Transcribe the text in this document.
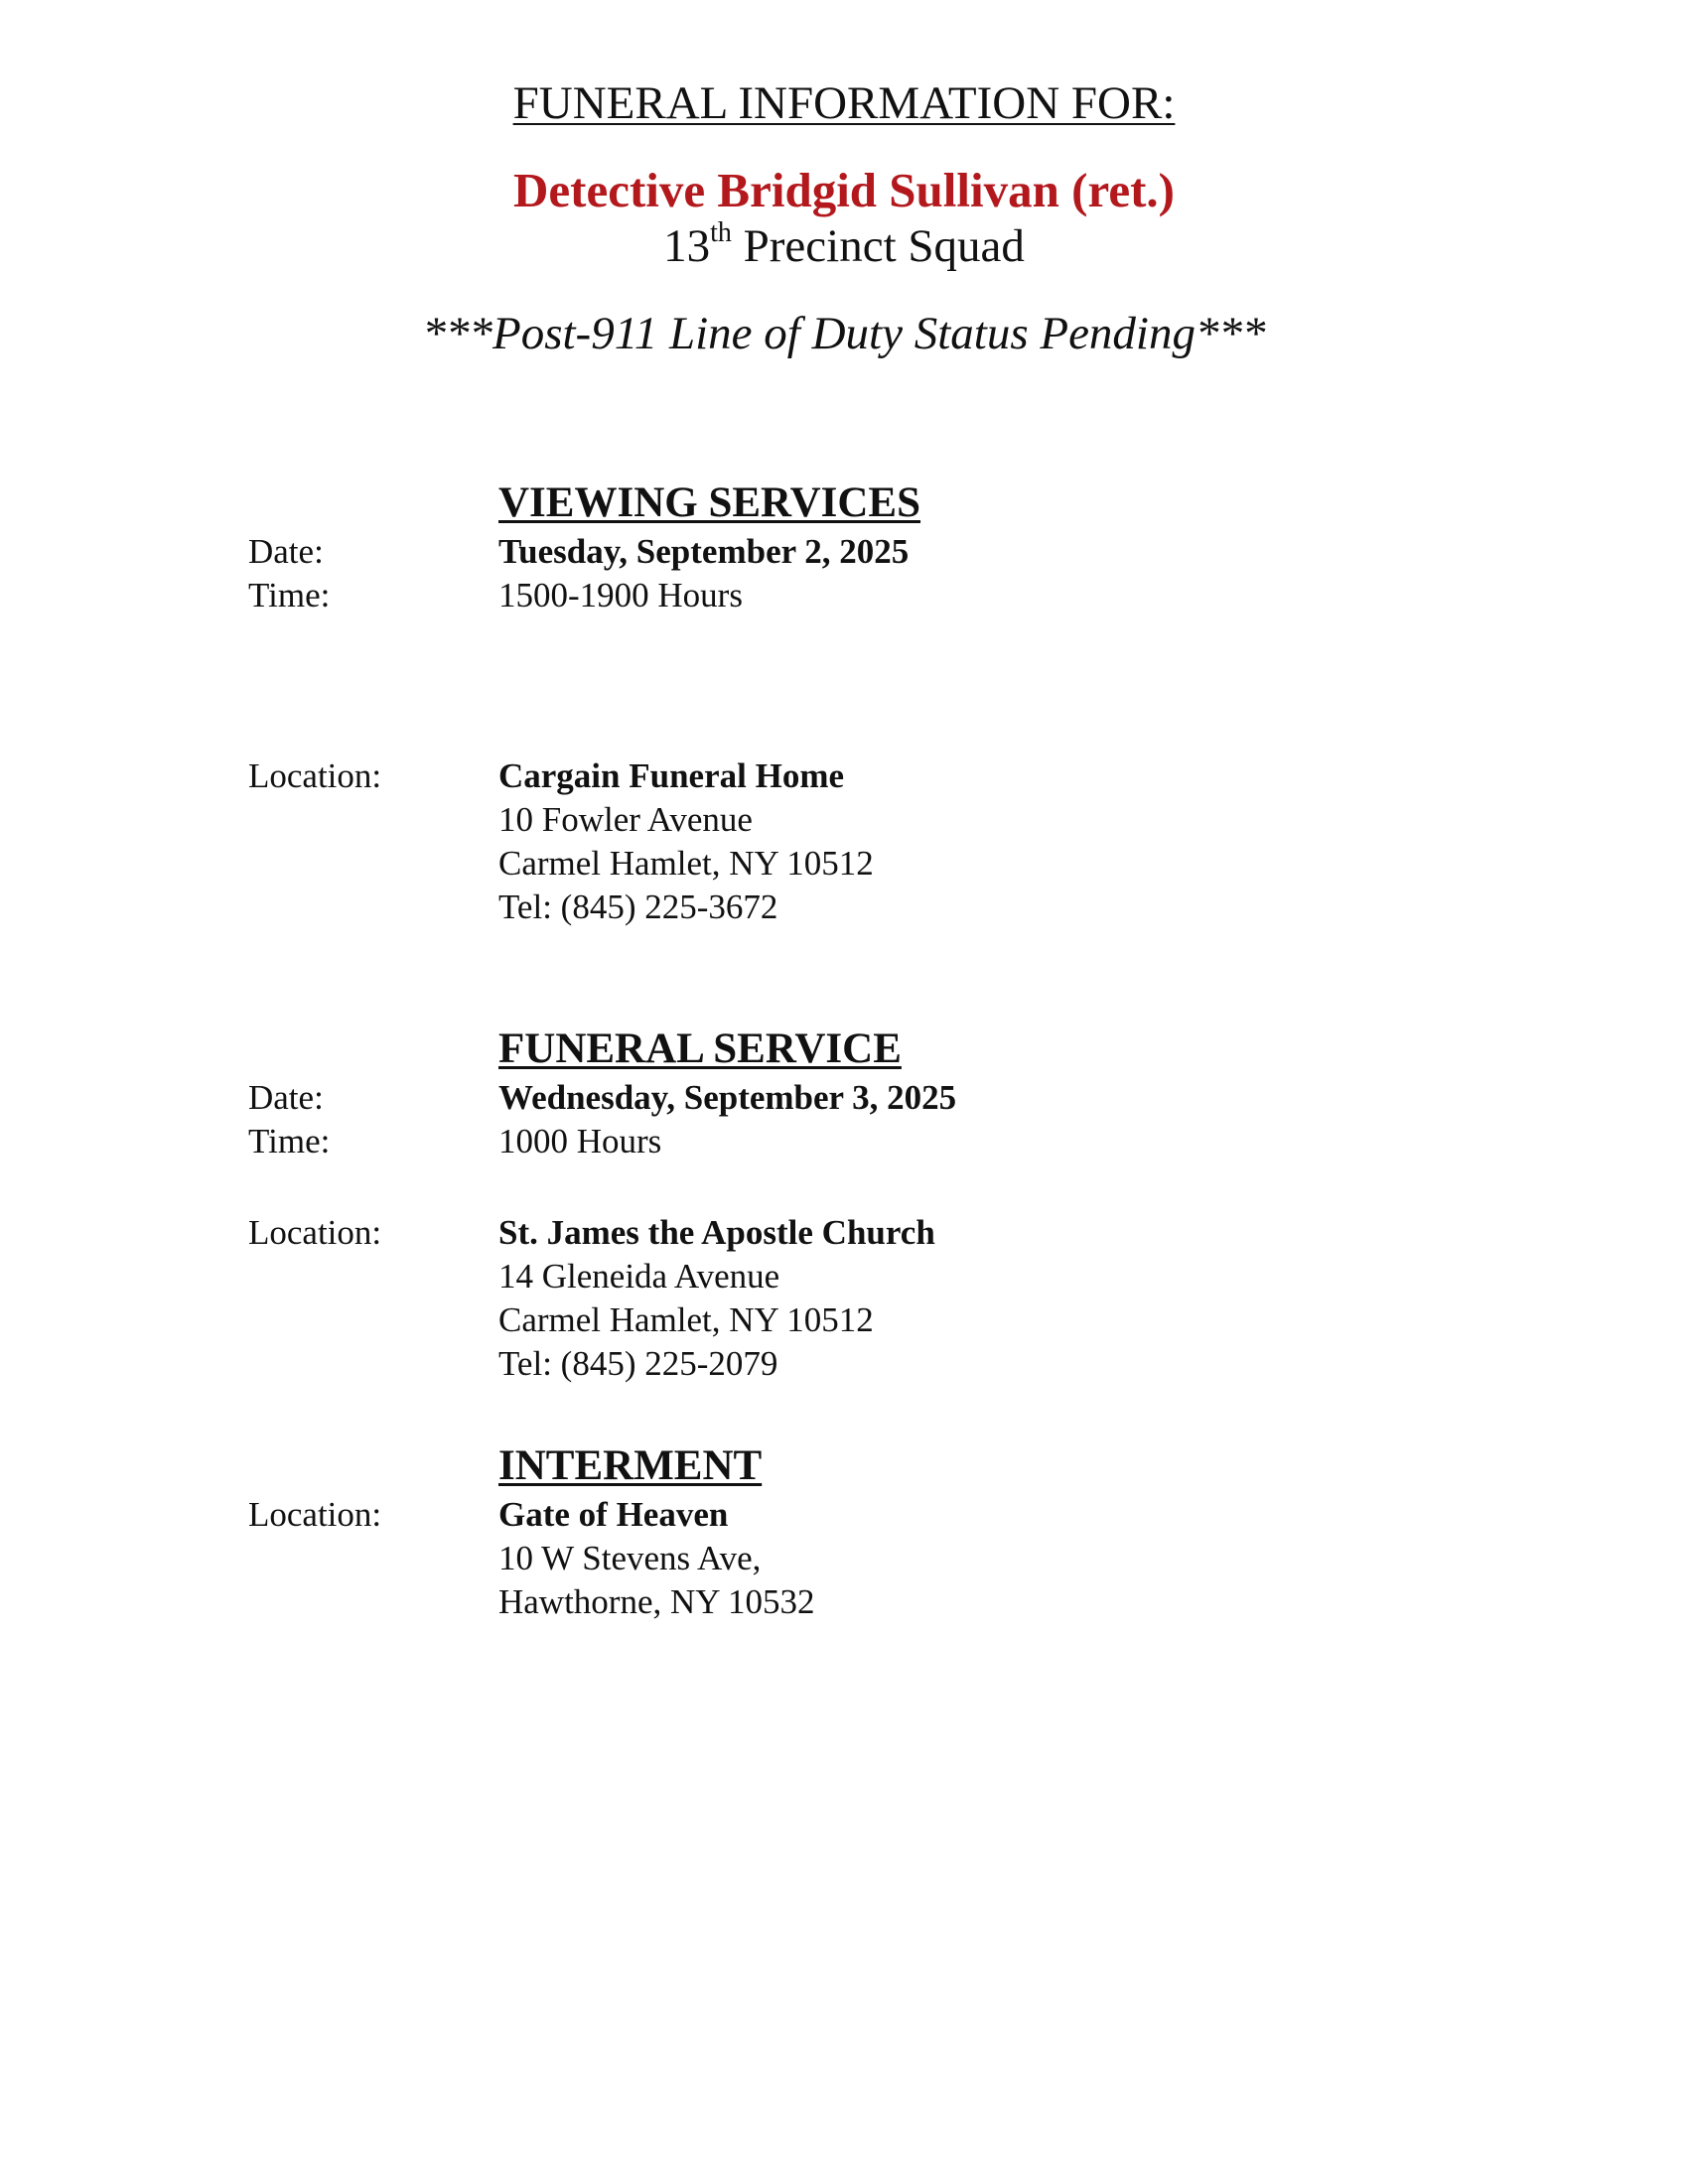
FUNERAL INFORMATION FOR:
Detective Bridgid Sullivan (ret.)
13th Precinct Squad
***Post-911 Line of Duty Status Pending***
VIEWING SERVICES
Date:	Tuesday, September 2, 2025
Time:	1500-1900 Hours
Location:	Cargain Funeral Home
10 Fowler Avenue
Carmel Hamlet, NY 10512
Tel: (845) 225-3672
FUNERAL SERVICE
Date:	Wednesday, September 3, 2025
Time:	1000 Hours
Location:	St. James the Apostle Church
14 Gleneida Avenue
Carmel Hamlet, NY 10512
Tel: (845) 225-2079
INTERMENT
Location:	Gate of Heaven
10 W Stevens Ave,
Hawthorne, NY 10532
